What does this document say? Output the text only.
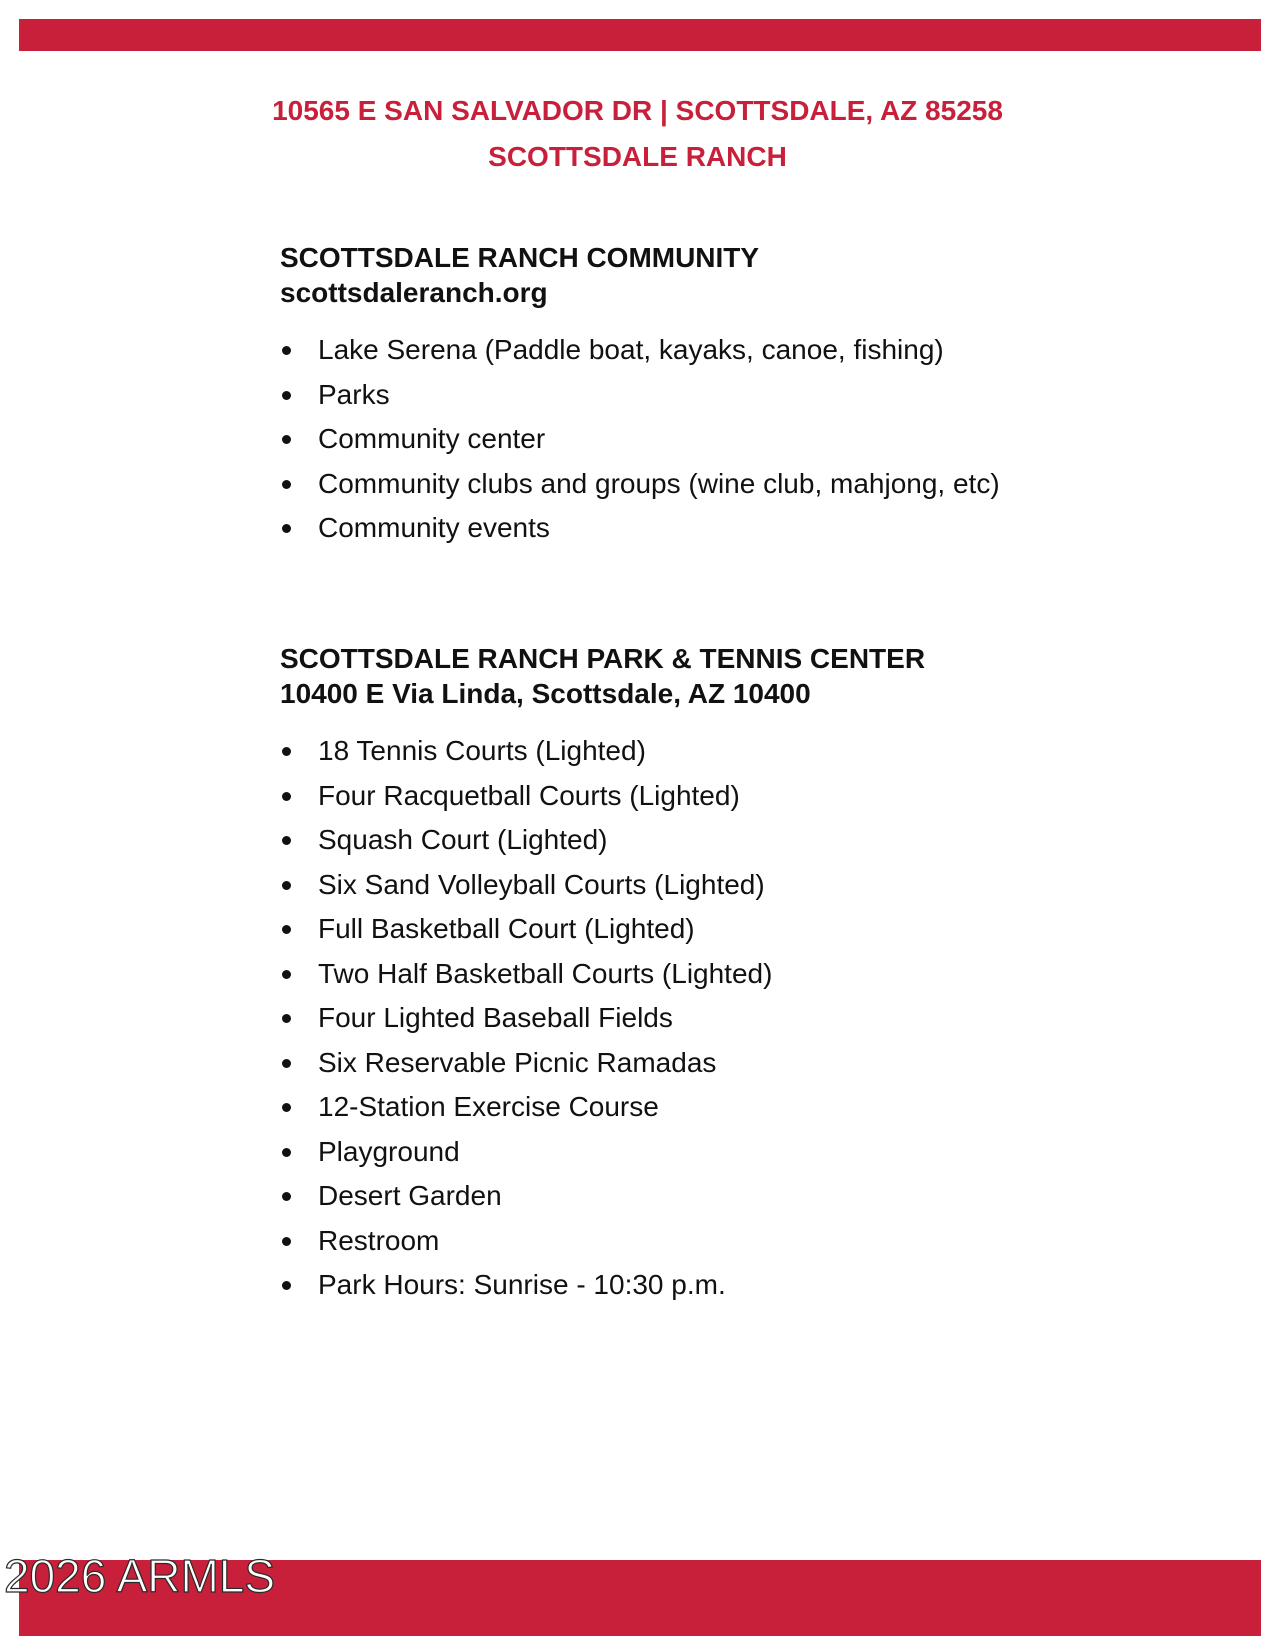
10565 E SAN SALVADOR DR | SCOTTSDALE, AZ 85258
SCOTTSDALE RANCH
SCOTTSDALE RANCH COMMUNITY
scottsdaleranch.org
Lake Serena (Paddle boat, kayaks, canoe, fishing)
Parks
Community center
Community clubs and groups (wine club, mahjong, etc)
Community events
SCOTTSDALE RANCH PARK & TENNIS CENTER
10400 E Via Linda, Scottsdale, AZ 10400
18 Tennis Courts (Lighted)
Four Racquetball Courts (Lighted)
Squash Court (Lighted)
Six Sand Volleyball Courts (Lighted)
Full Basketball Court (Lighted)
Two Half Basketball Courts (Lighted)
Four Lighted Baseball Fields
Six Reservable Picnic Ramadas
12-Station Exercise Course
Playground
Desert Garden
Restroom
Park Hours: Sunrise - 10:30 p.m.
2026 ARMLS
